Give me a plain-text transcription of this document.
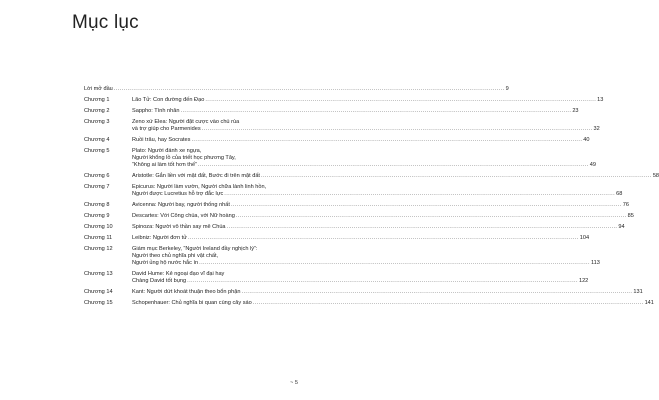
Mục lục
Lời mở đầu ........................................................................................................................................................................................................ 9
Chương 1	Lão Tử: Con đường đến Đạo ........................................................................................................................................................................................................ 13
Chương 2	Sappho: Tình nhân ........................................................................................................................................................................................................ 23
Chương 3	Zeno xứ Elea: Người đặt cược vào chú rùa
và trợ giúp cho Parmenides ........................................................................................................................................................................................................ 32
Chương 4	Ruồi trâu, hay Socrates ........................................................................................................................................................................................................ 40
Chương 5	Plato: Người đánh xe ngựa,
Người khổng lồ của triết học phương Tây,
“Không ai làm tốt hơn thế” ........................................................................................................................................................................................................ 49
Chương 6	Aristotle: Gắn liền với mặt đất, Bước đi trên mặt đất ........................................................................................................................................................................................................ 58
Chương 7	Epicurus: Người làm vườn, Người chữa lành linh hồn,
Người được Lucretius hỗ trợ đắc lực ........................................................................................................................................................................................................ 68
Chương 8	Avicenna: Người bay, người thống nhất ........................................................................................................................................................................................................ 76
Chương 9	Descartes: Với Công chúa, với Nữ hoàng ........................................................................................................................................................................................................ 85
Chương 10	Spinoza: Người vô thần say mê Chúa ........................................................................................................................................................................................................ 94
Chương 11	Leibniz: Người đơn tử ........................................................................................................................................................................................................ 104
Chương 12	Giám mục Berkeley, “Người Ireland đầy nghịch lý”:
Người theo chủ nghĩa phi vật chất,
Người ủng hộ nước hắc ín ........................................................................................................................................................................................................ 113
Chương 13	David Hume: Kẻ ngoại đạo vĩ đại hay
Chàng David tốt bụng ........................................................................................................................................................................................................ 122
Chương 14	Kant: Người dứt khoát thuận theo bổn phận ........................................................................................................................................................................................................ 131
Chương 15	Schopenhauer: Chủ nghĩa bi quan cùng cây sáo ........................................................................................................................................................................................................ 141
~ 5
